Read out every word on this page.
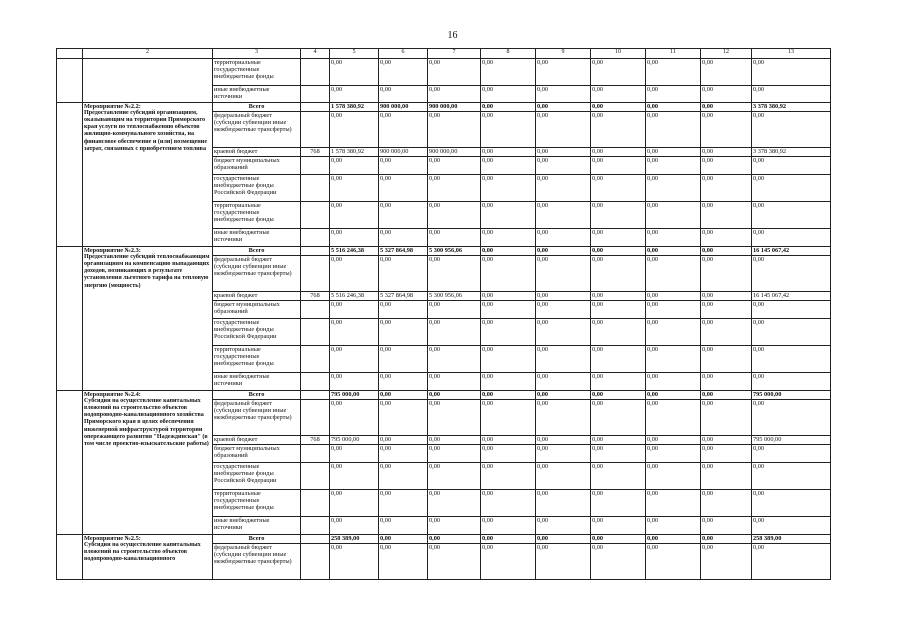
16
	2	3	4	5	6	7	8	9	10	11	12	13

	территориальные государственные внебюджетные фонды		0,00	0,00	0,00	0,00	0,00	0,00	0,00	0,00	0,00
		иные внебюджетные источники		0,00	0,00	0,00	0,00	0,00	0,00	0,00	0,00	0,00

	Мероприятие №2.2:
Предоставление субсидий организациям, оказывающим на территории Приморского края услуги по теплоснабжению объектов жилищно-коммунального хозяйства, на финансовое обеспечение и (или) возмещение затрат, связанных с приобретением топлива	Всего		1 578 380,92	900 000,00	900 000,00	0,00	0,00	0,00	0,00	0,00	3 378 380,92
		федеральный бюджет (субсидии субвенции иные межбюджетные трансферты)		0,00	0,00	0,00	0,00	0,00	0,00	0,00	0,00	0,00
		краевой бюджет	768	1 578 380,92	900 000,00	900 000,00	0,00	0,00	0,00	0,00	0,00	3 378 380,92
		бюджет муниципальных образований		0,00	0,00	0,00	0,00	0,00	0,00	0,00	0,00	0,00
		государственные внебюджетные фонды Российской Федерации		0,00	0,00	0,00	0,00	0,00	0,00	0,00	0,00	0,00
		территориальные государственные внебюджетные фонды		0,00	0,00	0,00	0,00	0,00	0,00	0,00	0,00	0,00
		иные внебюджетные источники		0,00	0,00	0,00	0,00	0,00	0,00	0,00	0,00	0,00

	Мероприятие №2.3:
Предоставление субсидий теплоснабжающим организациям на компенсацию выпадающих доходов, возникающих в результате установления льготного тарифа на тепловую энергию (мощность)	Всего		5 516 246,38	5 327 864,98	5 300 956,06	0,00	0,00	0,00	0,00	0,00	16 145 067,42
		федеральный бюджет (субсидии субвенции иные межбюджетные трансферты)		0,00	0,00	0,00	0,00	0,00	0,00	0,00	0,00	0,00
		краевой бюджет	768	5 516 246,38	5 327 864,98	5 300 956,06	0,00	0,00	0,00	0,00	0,00	16 145 067,42
		бюджет муниципальных образований		0,00	0,00	0,00	0,00	0,00	0,00	0,00	0,00	0,00
		государственные внебюджетные фонды Российской Федерации		0,00	0,00	0,00	0,00	0,00	0,00	0,00	0,00	0,00
		территориальные государственные внебюджетные фонды		0,00	0,00	0,00	0,00	0,00	0,00	0,00	0,00	0,00
		иные внебюджетные источники		0,00	0,00	0,00	0,00	0,00	0,00	0,00	0,00	0,00

	Мероприятие №2.4:
Субсидии на осуществление капитальных вложений на строительство объектов водопроводно-канализационного хозяйства Приморского края в целях обеспечения инженерной инфраструктурой территории опережающего развития "Надеждинская" (в том числе проектно-изыскательские работы)	Всего		795 000,00	0,00	0,00	0,00	0,00	0,00	0,00	0,00	795 000,00
		федеральный бюджет (субсидии субвенции иные межбюджетные трансферты)		0,00	0,00	0,00	0,00	0,00	0,00	0,00	0,00	0,00
		краевой бюджет	768	795 000,00	0,00	0,00	0,00	0,00	0,00	0,00	0,00	795 000,00
		бюджет муниципальных образований		0,00	0,00	0,00	0,00	0,00	0,00	0,00	0,00	0,00
		государственные внебюджетные фонды Российской Федерации		0,00	0,00	0,00	0,00	0,00	0,00	0,00	0,00	0,00
		территориальные государственные внебюджетные фонды		0,00	0,00	0,00	0,00	0,00	0,00	0,00	0,00	0,00
		иные внебюджетные источники		0,00	0,00	0,00	0,00	0,00	0,00	0,00	0,00	0,00

	Мероприятие №2.5:
Субсидии на осуществление капитальных вложений на строительство объектов водопроводно-канализационного	Всего		258 389,00	0,00	0,00	0,00	0,00	0,00	0,00	0,00	258 389,00
		федеральный бюджет (субсидии субвенции иные межбюджетные трансферты)		0,00	0,00	0,00	0,00	0,00	0,00	0,00	0,00	0,00
